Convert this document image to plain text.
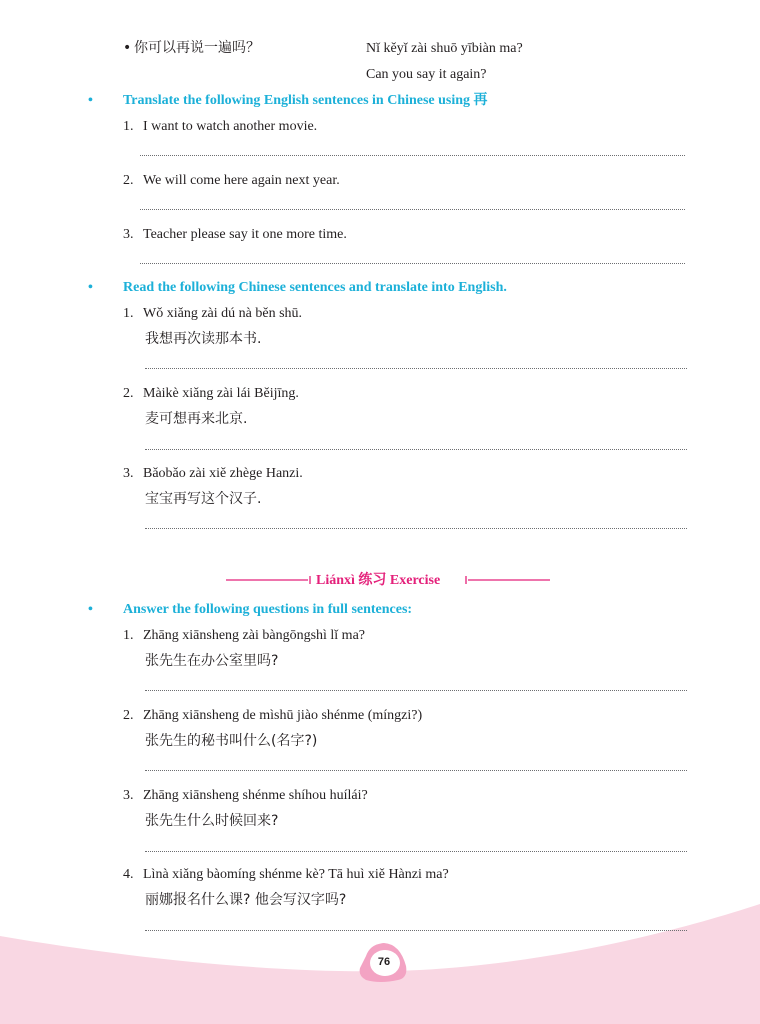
• 你可以再说一遍吗？	Nǐ kěyǐ zài shuō yībiàn ma?
Can you say it again?
• Translate the following English sentences in Chinese using 再
1. I want to watch another movie.
2. We will come here again next year.
3. Teacher please say it one more time.
• Read the following Chinese sentences and translate into English.
1. Wǒ xiǎng zài dú nà běn shū.
我想再次读那本书.
2. Màikè xiǎng zài lái Běijīng.
麦可想再来北京.
3. Bǎobǎo zài xiě zhège Hanzi.
宝宝再写这个汉子.
Liánxì 练习 Exercise
• Answer the following questions in full sentences:
1. Zhāng xiānsheng zài bàngōngshì lǐ ma?
张先生在办公室里吗?
2. Zhāng xiānsheng de mìshū jiào shénme (míngzi?)
张先生的秘书叫什么(名字?)
3. Zhāng xiānsheng shénme shíhou huílái?
张先生什么时候回来?
4. Lìnà xiǎng bàomíng shénme kè? Tā huì xiě Hànzi ma?
丽娜报名什么课? 他会写汉字吗?
76
